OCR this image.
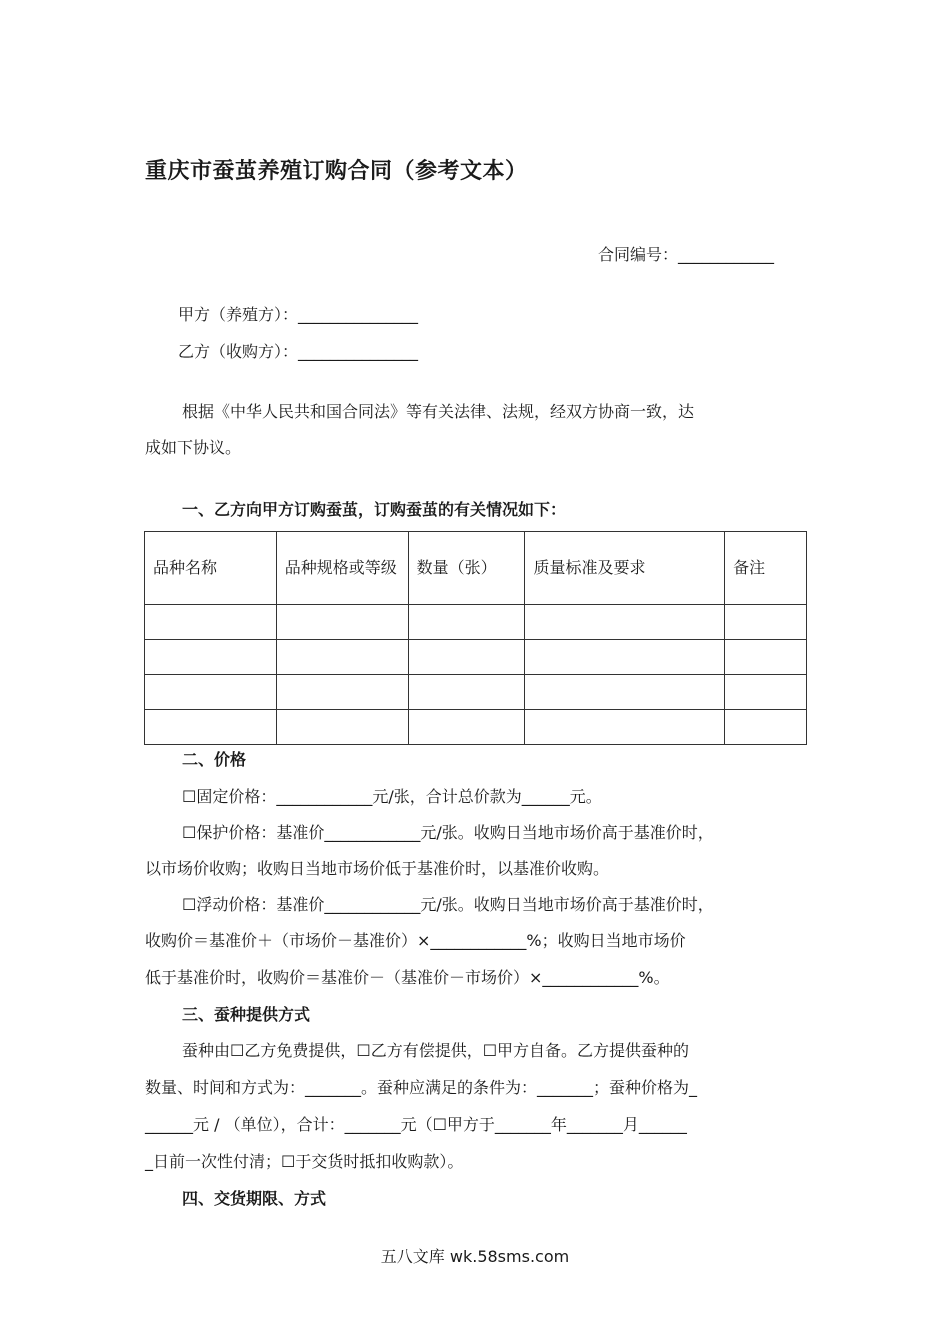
重庆市蚕茧养殖订购合同（参考文本）
合同编号：____________
甲方（养殖方）：_______________
乙方（收购方）：_______________
根据《中华人民共和国合同法》等有关法律、法规，经双方协商一致，达
成如下协议。
一、乙方向甲方订购蚕茧，订购蚕茧的有关情况如下：
品种名称	品种规格或等级	数量（张）	质量标准及要求	备注

二、价格
☐固定价格：____________元/张，合计总价款为______元。
☐保护价格：基准价____________元/张。收购日当地市场价高于基准价时，
以市场价收购；收购日当地市场价低于基准价时，以基准价收购。
☐浮动价格：基准价____________元/张。收购日当地市场价高于基准价时，
收购价＝基准价＋（市场价－基准价）×____________%；收购日当地市场价
低于基准价时，收购价＝基准价－（基准价－市场价）×____________%。
三、蚕种提供方式
蚕种由☐乙方免费提供，☐乙方有偿提供，☐甲方自备。乙方提供蚕种的
数量、时间和方式为：_______。蚕种应满足的条件为：_______；蚕种价格为_
______元 / （单位），合计：_______元（☐甲方于_______年_______月______
_日前一次性付清；☐于交货时抵扣收购款）。
四、交货期限、方式
五八文库 wk.58sms.com
